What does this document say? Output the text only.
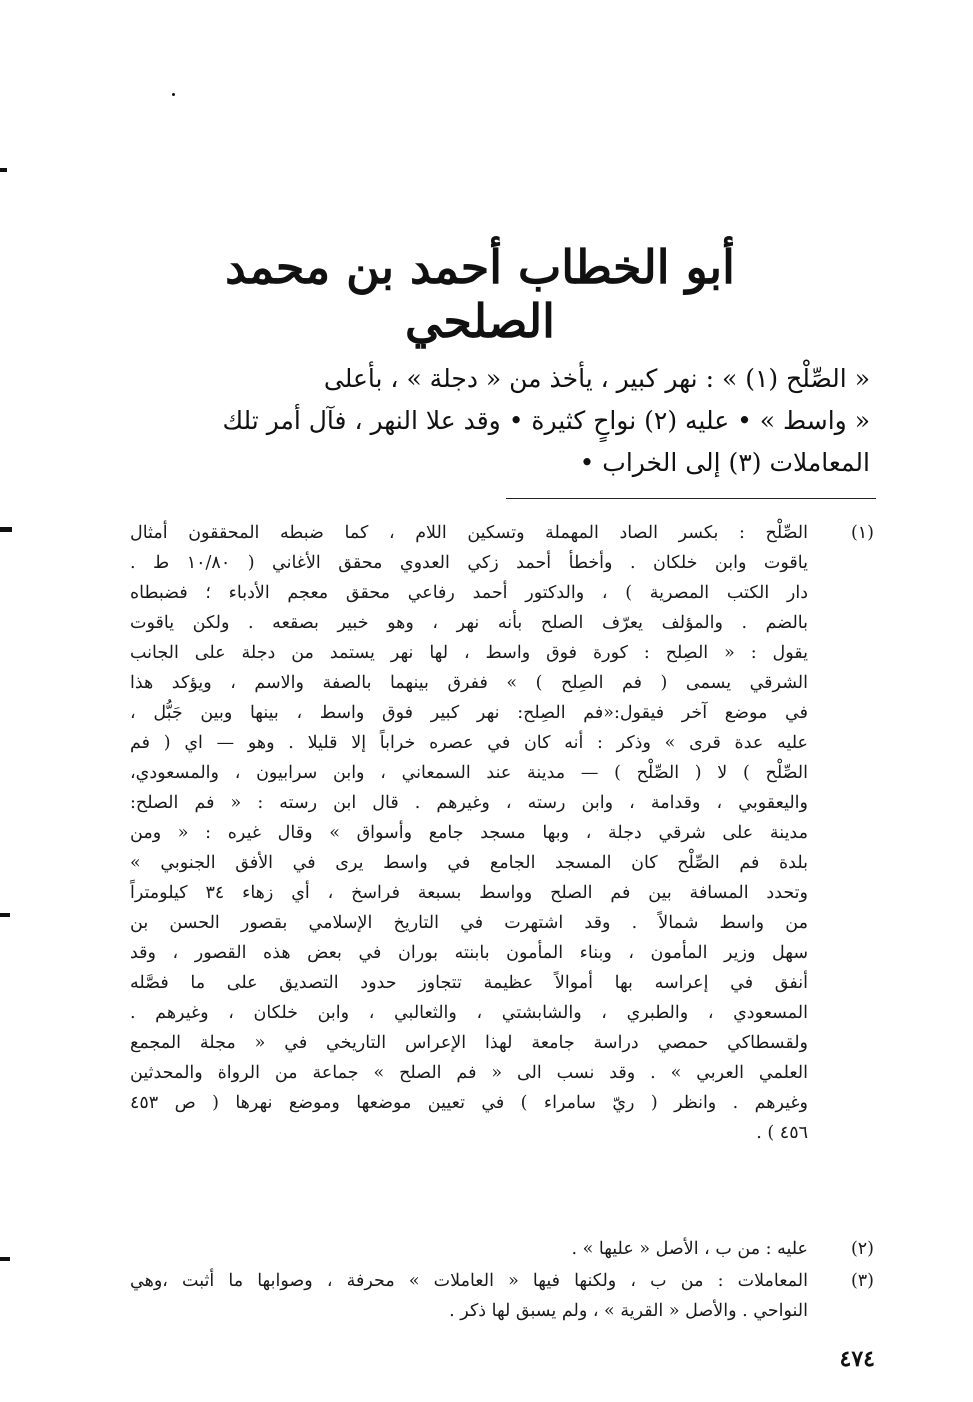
أبو الخطاب أحمد بن محمد الصلحي
« الصِّلْح (١) » : نهر كبير ، يأخذ من « دجلة » ، بأعلى
« واسط » • عليه (٢) نواحٍ كثيرة • وقد علا النهر ، فآل أمر تلك
المعاملات (٣) إلى الخراب •
(١)
الصِّلْح : بكسر الصاد المهملة وتسكين اللام ، كما ضبطه المحققون أمثال
ياقوت وابن خلكان . وأخطأ أحمد زكي العدوي محقق الأغاني ( ١٠/٨٠ ط .
دار الكتب المصرية ) ، والدكتور أحمد رفاعي محقق معجم الأدباء ؛ فضبطاه
بالضم . والمؤلف يعرّف الصلح بأنه نهر ، وهو خبير بصقعه . ولكن ياقوت
يقول : « الصِلح : كورة فوق واسط ، لها نهر يستمد من دجلة على الجانب
الشرقي يسمى ( فم الصِلح ) » ففرق بينهما بالصفة والاسم ، ويؤكد هذا
في موضع آخر فيقول:«فم الصِلح: نهر كبير فوق واسط ، بينها وبين جَبُّل ،
عليه عدة قرى » وذكر : أنه كان في عصره خراباً إلا قليلا . وهو — اي ( فم
الصِّلْح ) لا ( الصِّلْح ) — مدينة عند السمعاني ، وابن سرابيون ، والمسعودي،
واليعقوبي ، وقدامة ، وابن رسته ، وغيرهم . قال ابن رسته : « فم الصلح:
مدينة على شرقي دجلة ، وبها مسجد جامع وأسواق » وقال غيره : « ومن
بلدة فم الصِّلْح كان المسجد الجامع في واسط يرى في الأفق الجنوبي »
وتحدد المسافة بين فم الصلح وواسط بسبعة فراسخ ، أي زهاء ٣٤ كيلومتراً
من واسط شمالاً . وقد اشتهرت في التاريخ الإسلامي بقصور الحسن بن
سهل وزير المأمون ، وبناء المأمون بابنته بوران في بعض هذه القصور ، وقد
أنفق في إعراسه بها أموالاً عظيمة تتجاوز حدود التصديق على ما فصَّله
المسعودي ، والطبري ، والشابشتي ، والثعالبي ، وابن خلكان ، وغيرهم .
ولقسطاكي حمصي دراسة جامعة لهذا الإعراس التاريخي في « مجلة المجمع
العلمي العربي » . وقد نسب الى « فم الصلح » جماعة من الرواة والمحدثين
وغيرهم . وانظر ( ريّ سامراء ) في تعيين موضعها وموضع نهرها ( ص ٤٥٣
٤٥٦ ) .
(٢)
عليه : من ب ، الأصل « عليها » .
(٣)
المعاملات : من ب ، ولكنها فيها « العاملات » محرفة ، وصوابها ما أثبت ،وهي
النواحي . والأصل « القرية » ، ولم يسبق لها ذكر .
٤٧٤
